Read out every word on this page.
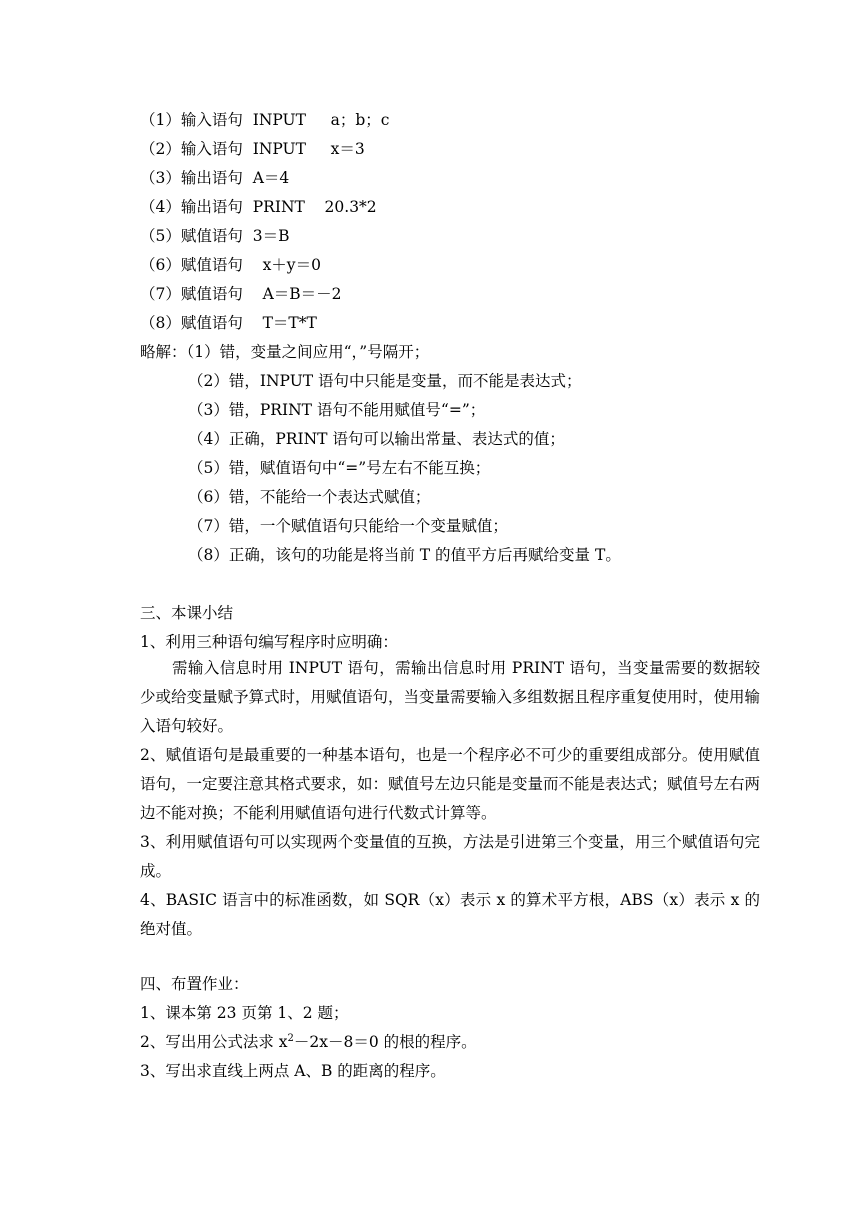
（1）输入语句  INPUT     a；b；c
（2）输入语句  INPUT     x＝3
（3）输出语句  A＝4
（4）输出语句  PRINT    20.3*2
（5）赋值语句  3＝B
（6）赋值语句    x＋y＝0
（7）赋值语句    A＝B＝－2
（8）赋值语句    T＝T*T
略解：（1）错，变量之间应用“，”号隔开；
（2）错，INPUT 语句中只能是变量，而不能是表达式；
（3）错，PRINT 语句不能用赋值号“=”；
（4）正确，PRINT 语句可以输出常量、表达式的值；
（5）错，赋值语句中“=”号左右不能互换；
（6）错，不能给一个表达式赋值；
（7）错，一个赋值语句只能给一个变量赋值；
（8）正确，该句的功能是将当前 T 的值平方后再赋给变量 T。
三、本课小结
1、利用三种语句编写程序时应明确：
需输入信息时用 INPUT 语句，需输出信息时用 PRINT 语句，当变量需要的数据较少或给变量赋予算式时，用赋值语句，当变量需要输入多组数据且程序重复使用时，使用输入语句较好。
2、赋值语句是最重要的一种基本语句，也是一个程序必不可少的重要组成部分。使用赋值语句，一定要注意其格式要求，如：赋值号左边只能是变量而不能是表达式；赋值号左右两边不能对换；不能利用赋值语句进行代数式计算等。
3、利用赋值语句可以实现两个变量值的互换，方法是引进第三个变量，用三个赋值语句完成。
4、BASIC 语言中的标准函数，如 SQR（x）表示 x 的算术平方根，ABS（x）表示 x 的绝对值。
四、布置作业：
1、课本第 23 页第 1、2 题；
2、写出用公式法求 $x^2-2x-8=0$ 的根的程序。
3、写出求直线上两点 A、B 的距离的程序。
